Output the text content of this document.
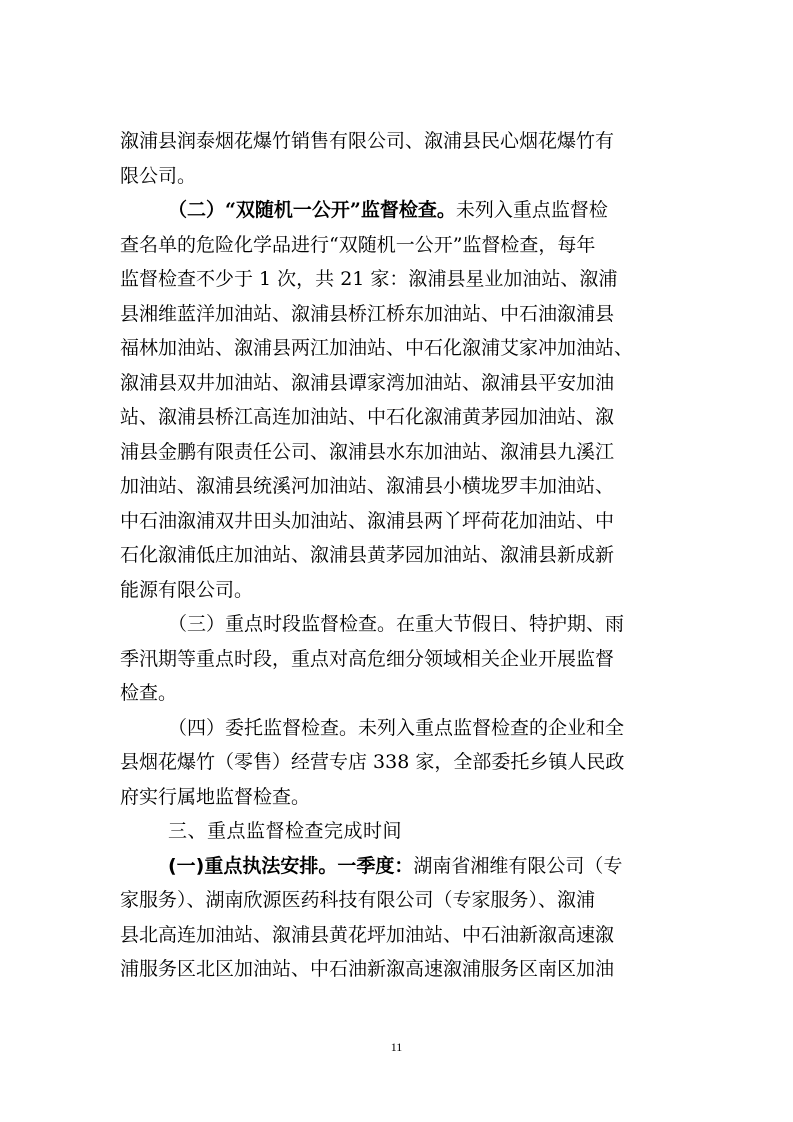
溆浦县润泰烟花爆竹销售有限公司、溆浦县民心烟花爆竹有
限公司。
（二）“双随机一公开”监督检查。未列入重点监督检
查名单的危险化学品进行“双随机一公开”监督检查，每年
监督检查不少于 1 次，共 21 家：溆浦县星业加油站、溆浦
县湘维蓝洋加油站、溆浦县桥江桥东加油站、中石油溆浦县
福林加油站、溆浦县两江加油站、中石化溆浦艾家冲加油站、
溆浦县双井加油站、溆浦县谭家湾加油站、溆浦县平安加油
站、溆浦县桥江高连加油站、中石化溆浦黄茅园加油站、溆
浦县金鹏有限责任公司、溆浦县水东加油站、溆浦县九溪江
加油站、溆浦县统溪河加油站、溆浦县小横垅罗丰加油站、
中石油溆浦双井田头加油站、溆浦县两丫坪荷花加油站、中
石化溆浦低庄加油站、溆浦县黄茅园加油站、溆浦县新成新
能源有限公司。
（三）重点时段监督检查。在重大节假日、特护期、雨
季汛期等重点时段，重点对高危细分领域相关企业开展监督
检查。
（四）委托监督检查。未列入重点监督检查的企业和全
县烟花爆竹（零售）经营专店 338 家，全部委托乡镇人民政
府实行属地监督检查。
三、重点监督检查完成时间
(一)重点执法安排。一季度：湖南省湘维有限公司（专
家服务）、湖南欣源医药科技有限公司（专家服务）、溆浦
县北高连加油站、溆浦县黄花坪加油站、中石油新溆高速溆
浦服务区北区加油站、中石油新溆高速溆浦服务区南区加油
11
